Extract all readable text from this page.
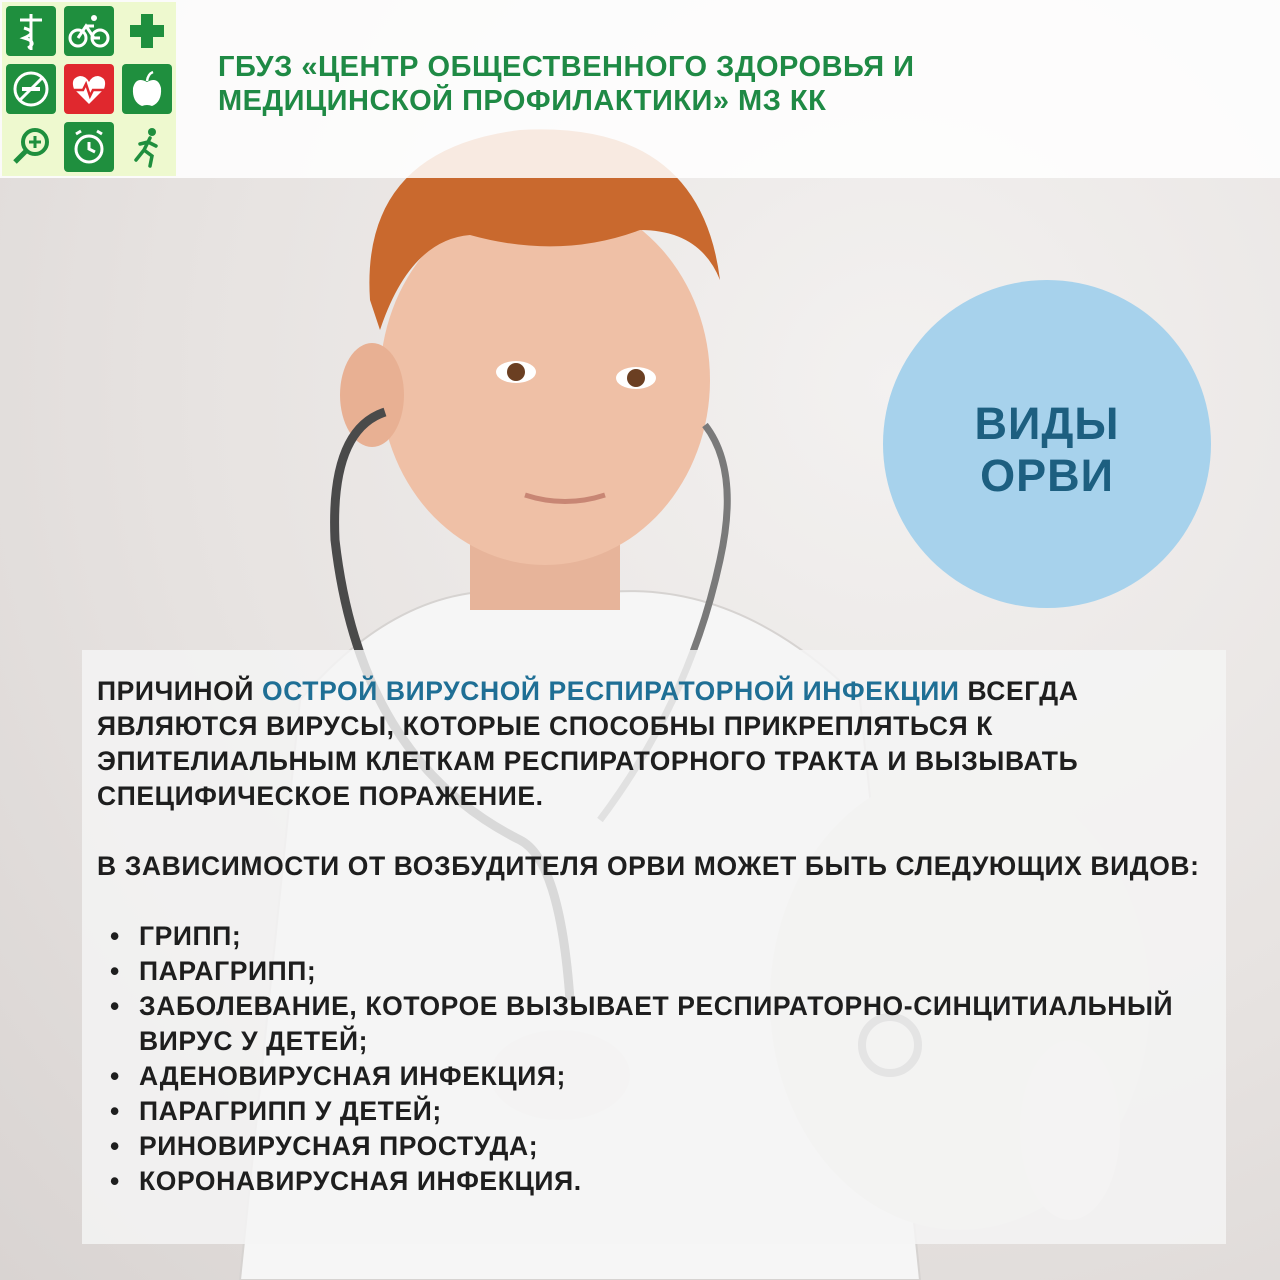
ГБУЗ «ЦЕНТР ОБЩЕСТВЕННОГО ЗДОРОВЬЯ И
МЕДИЦИНСКОЙ ПРОФИЛАКТИКИ» МЗ КК
ВИДЫ
ОРВИ

ПРИЧИНОЙ ОСТРОЙ ВИРУСНОЙ РЕСПИРАТОРНОЙ ИНФЕКЦИИ ВСЕГДА ЯВЛЯЮТСЯ ВИРУСЫ, КОТОРЫЕ СПОСОБНЫ ПРИКРЕПЛЯТЬСЯ К ЭПИТЕЛИАЛЬНЫМ КЛЕТКАМ РЕСПИРАТОРНОГО ТРАКТА И ВЫЗЫВАТЬ СПЕЦИФИЧЕСКОЕ ПОРАЖЕНИЕ.

В ЗАВИСИМОСТИ ОТ ВОЗБУДИТЕЛЯ ОРВИ МОЖЕТ БЫТЬ СЛЕДУЮЩИХ ВИДОВ:

• ГРИПП;
• ПАРАГРИПП;
• ЗАБОЛЕВАНИЕ, КОТОРОЕ ВЫЗЫВАЕТ РЕСПИРАТОРНО-СИНЦИТИАЛЬНЫЙ ВИРУС У ДЕТЕЙ;
• АДЕНОВИРУСНАЯ ИНФЕКЦИЯ;
• ПАРАГРИПП У ДЕТЕЙ;
• РИНОВИРУСНАЯ ПРОСТУДА;
• КОРОНАВИРУСНАЯ ИНФЕКЦИЯ.
